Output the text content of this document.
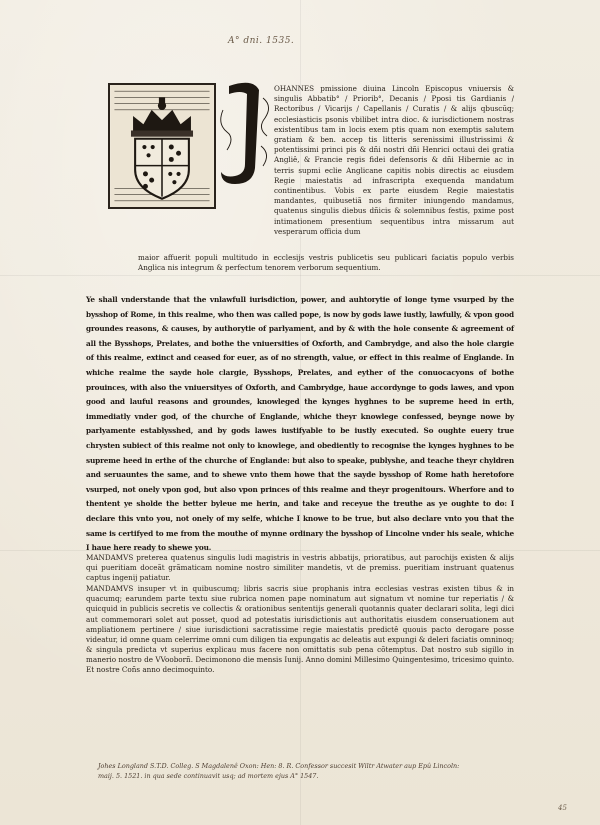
A° dni. 1535.

OHANNES pmissione diuina Lincoln Episcopus vniuersis & singulis Abbatib° / Priorib°, Decanis / Pposi tis Gardianis / Rectoribus / Vicarijs / Capellanis / Curatis / & alijs qbuscūq; ecclesiasticis psonis vbilibet intra dioc. & iurisdictionem nostras existentibus tam in locis exem ptis quam non exemptis salutem gratiam & ben. accep tis litteris serenissimi illustrissimi & potentissimi princi pis & dñi nostri dñi Henrici octaui dei gratia Angliê, & Francie regis fidei defensoris & dñi Hibernie ac in terris supmi eclie Anglicane capitis nobis directis ac eiusdem Regie maiestatis ad infrascripta exequenda mandatum continentibus. Vobis ex parte eiusdem Regie maiestatis mandantes, quibusetiã nos firmiter iniungendo mandamus, quatenus singulis diebus dñicis & solemnibus festis, pxime post intimationem presentium sequentibus intra missarum aut vesperarum officia dum

maior affuerit populi multitudo in ecclesijs vestris publicetis seu publicari faciatis populo verbis Anglica nis integrum & perfectum tenorem verborum sequentium.

Ye shall vnderstande that the vnlawfull iurisdiction, power, and auhtorytie of longe tyme vsurped by the bysshop of Rome, in this realme, who then was called pope, is now by gods lawe iustly, lawfully, & vpon good groundes reasons, & causes, by authorytie of parlyament, and by & with the hole consente & agreement of all the Bysshops, Prelates, and bothe the vniuersities of Oxforth, and Cambrydge, and also the hole clargie of this realme, extinct and ceased for euer, as of no strength, value, or effect in this realme of Englande. In whiche realme the sayde hole clargie, Bysshops, Prelates, and eyther of the conuocacyons of bothe prouinces, with also the vniuersityes of Oxforth, and Cambrydge, haue accordynge to gods lawes, and vpon good and lauful reasons and groundes, knowleged the kynges hyghnes to be supreme heed in erth, immediatly vnder god, of the churche of Englande, whiche theyr knowlege confessed, beynge nowe by parlyamente establysshed, and by gods lawes iustifyable to be iustly executed. So oughte euery true chrysten subiect of this realme not only to knowlege, and obediently to recognise the kynges hyghnes to be supreme heed in erthe of the churche of Englande: but also to speake, publyshe, and teache theyr chyldren and seruauntes the same, and to shewe vnto them howe that the sayde bysshop of Rome hath heretofore vsurped, not onely vpon god, but also vpon princes of this realme and theyr progenitours. Wherfore and to thentent ye sholde the better byleue me herin, and take and receyue the treuthe as ye oughte to do: I declare this vnto you, not onely of my selfe, whiche I knowe to be true, but also declare vnto you that the same is certifyed to me from the mouthe of mynne ordinary the bysshop of Lincolne vnder his seale, whiche I haue here ready to shewe you.

MANDAMVS preterea quatenus singulis ludi magistris in vestris abbatijs, prioratibus, aut parochijs existen & alijs qui pueritiam doceãt grãmaticam nomine nostro similiter mandetis, vt de premiss. pueritiam instruant quatenus captus ingenij patiatur.

MANDAMVS insuper vt in quibuscumq; libris sacris siue prophanis intra ecclesias vestras existen tibus & in quacumq; earundem parte textu siue rubrica nomen pape nominatum aut signatum vt nomine tur reperiatis / & quicquid in publicis secretis ve collectis & orationibus sententijs generali quotannis quater declarari solita, legi dici aut commemorari solet aut posset, quod ad potestatis iurisdictionis aut authoritatis eiusdem conseruationem aut ampliationem pertinere / siue iurisdictioni sacratissime regie maiestatis predictê quouis pacto derogare posse videatur, id omne quam celerrime omni cum diligen tia expungatis ac deleatis aut expungi & deleri faciatis omninoq; & singula predicta vt superius explicau mus facere non omittatis sub pena cõtemptus. Dat nostro sub sigillo in manerio nostro de VVooborñ. Decimonono die mensis Iunij. Anno domini Millesimo Quingentesimo, tricesimo quinto. Et nostre Coñs anno decimoquinto.

Johes Longland S.T.D. Colleg. S Magdalenê Oxon: Hen: 8. R. Confessor succesit Wiltr Atwater aup Epû Lincoln:

maij. 5. 1521. in qua sede continuavit usq; ad mortem ejus A° 1547.

45
